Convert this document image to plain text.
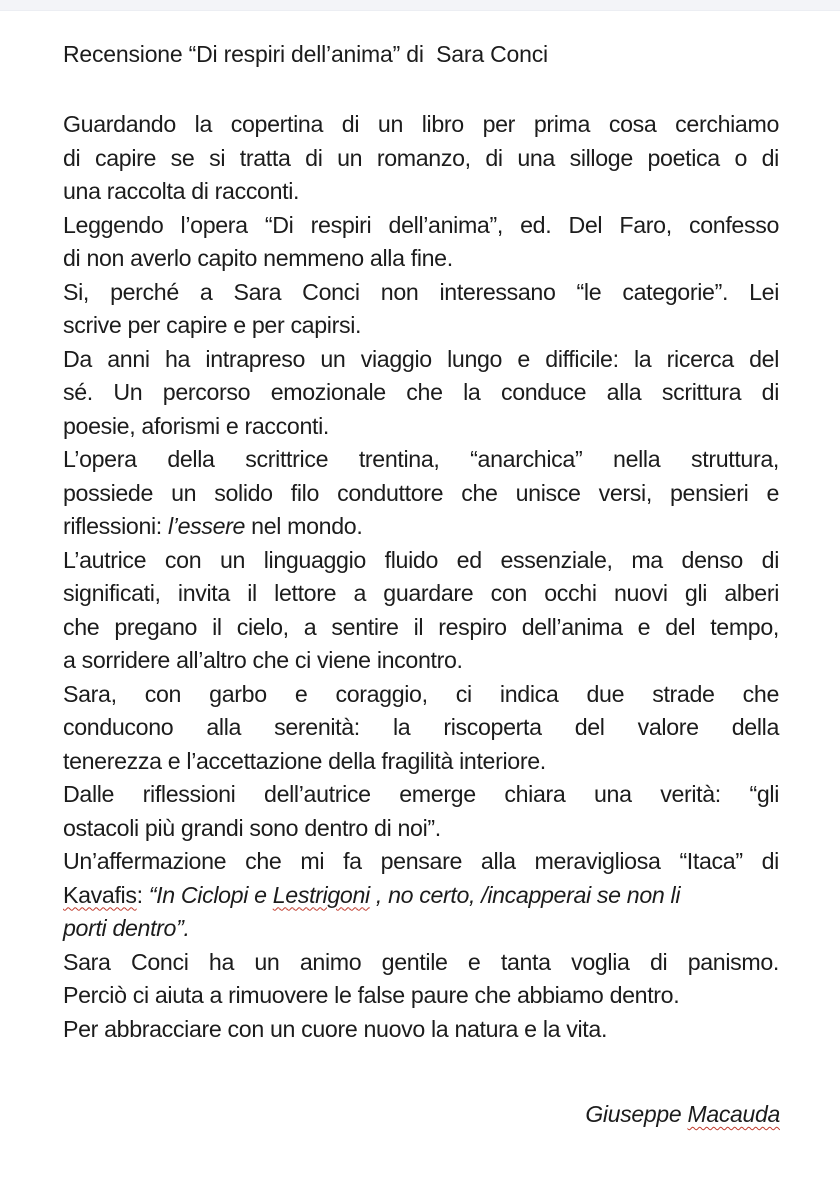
Recensione “Di respiri dell’anima” di  Sara Conci

Guardando la copertina di un libro per prima cosa cerchiamo
di capire se si tratta di un romanzo, di una silloge poetica o di
una raccolta di racconti.

Leggendo l’opera “Di respiri dell’anima”, ed. Del Faro, confesso
di non averlo capito nemmeno alla fine.

Si, perché a Sara Conci non interessano “le categorie”. Lei
scrive per capire e per capirsi.

Da anni ha intrapreso un viaggio lungo e difficile: la ricerca del
sé. Un percorso emozionale che la conduce alla scrittura di
poesie, aforismi e racconti.

L’opera della scrittrice trentina, “anarchica” nella struttura,
possiede un solido filo conduttore che unisce versi, pensieri e
riflessioni: l’essere nel mondo.

L’autrice con un linguaggio fluido ed essenziale, ma denso di
significati, invita il lettore a guardare con occhi nuovi gli alberi
che pregano il cielo, a sentire il respiro dell’anima e del tempo,
a sorridere all’altro che ci viene incontro.

Sara, con garbo e coraggio, ci indica due strade che
conducono alla serenità: la riscoperta del valore della
tenerezza e l’accettazione della fragilità interiore.

Dalle riflessioni dell’autrice emerge chiara una verità: “gli
ostacoli più grandi sono dentro di noi”.

Un’affermazione che mi fa pensare alla meravigliosa “Itaca” di
Kavafis: “In Ciclopi e Lestrigoni , no certo, /incapperai se non li
porti dentro”.

Sara Conci ha un animo gentile e tanta voglia di panismo.
Perciò ci aiuta a rimuovere le false paure che abbiamo dentro.
Per abbracciare con un cuore nuovo la natura e la vita.

Giuseppe Macauda
